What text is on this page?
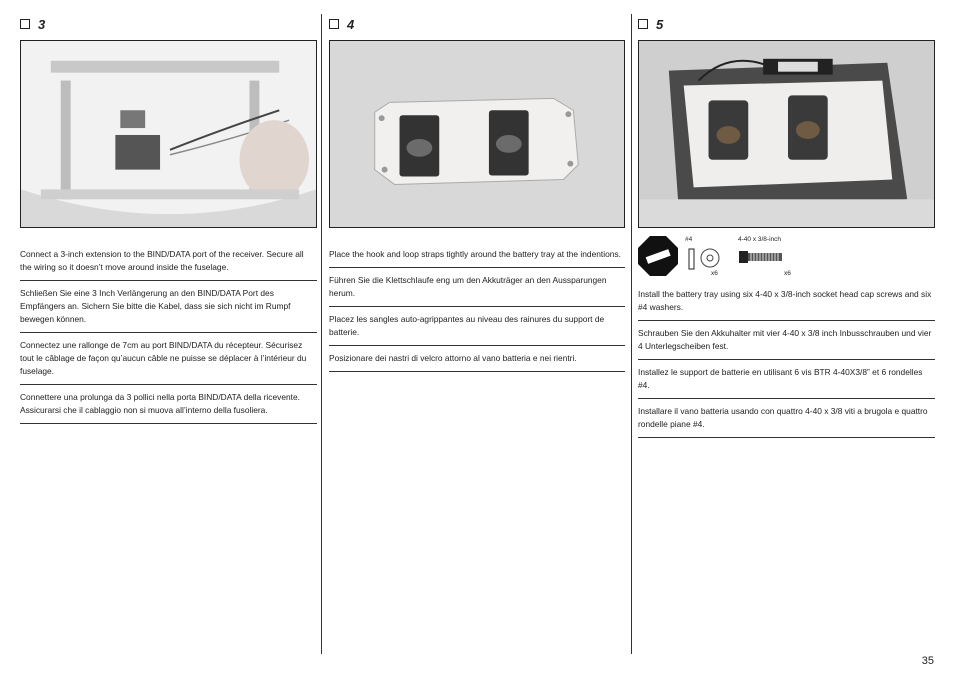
3
Connect a 3-inch extension to the BIND/DATA port of the receiver. Secure all the wiring so it doesn’t move around inside the fuselage.
Schließen Sie eine 3 Inch Verlängerung an den BIND/DATA Port des Empfängers an. Sichern Sie bitte die Kabel, dass sie sich nicht im Rumpf bewegen können.
Connectez une rallonge de 7cm au port BIND/DATA du récepteur. Sécurisez tout le câblage de façon qu’aucun câble ne puisse se déplacer à l’intérieur du fuselage.
Connettere una prolunga da 3 pollici nella porta BIND/DATA della ricevente. Assicurarsi che il cablaggio non si muova all’interno della fusoliera.
4
Place the hook and loop straps tightly around the battery tray at the indentions.
Führen Sie die Klettschlaufe eng um den Akkuträger an den Aussparungen herum.
Placez les sangles auto-agrippantes au niveau des rainures du support de batterie.
Posizionare dei nastri di velcro attorno al vano batteria e nei rientri.
5
#4
x6
4-40 x 3/8-inch
x6
Install the battery tray using six 4-40 x 3/8-inch socket head cap screws and six #4 washers.
Schrauben Sie den Akkuhalter mit vier 4-40 x 3/8 inch Inbusschrauben und vier 4 Unterlegscheiben fest.
Installez le support de batterie en utilisant 6 vis BTR 4-40X3/8” et 6 rondelles #4.
Installare il vano batteria usando con quattro 4-40 x 3/8 viti a brugola e quattro rondelle piane #4.
35
